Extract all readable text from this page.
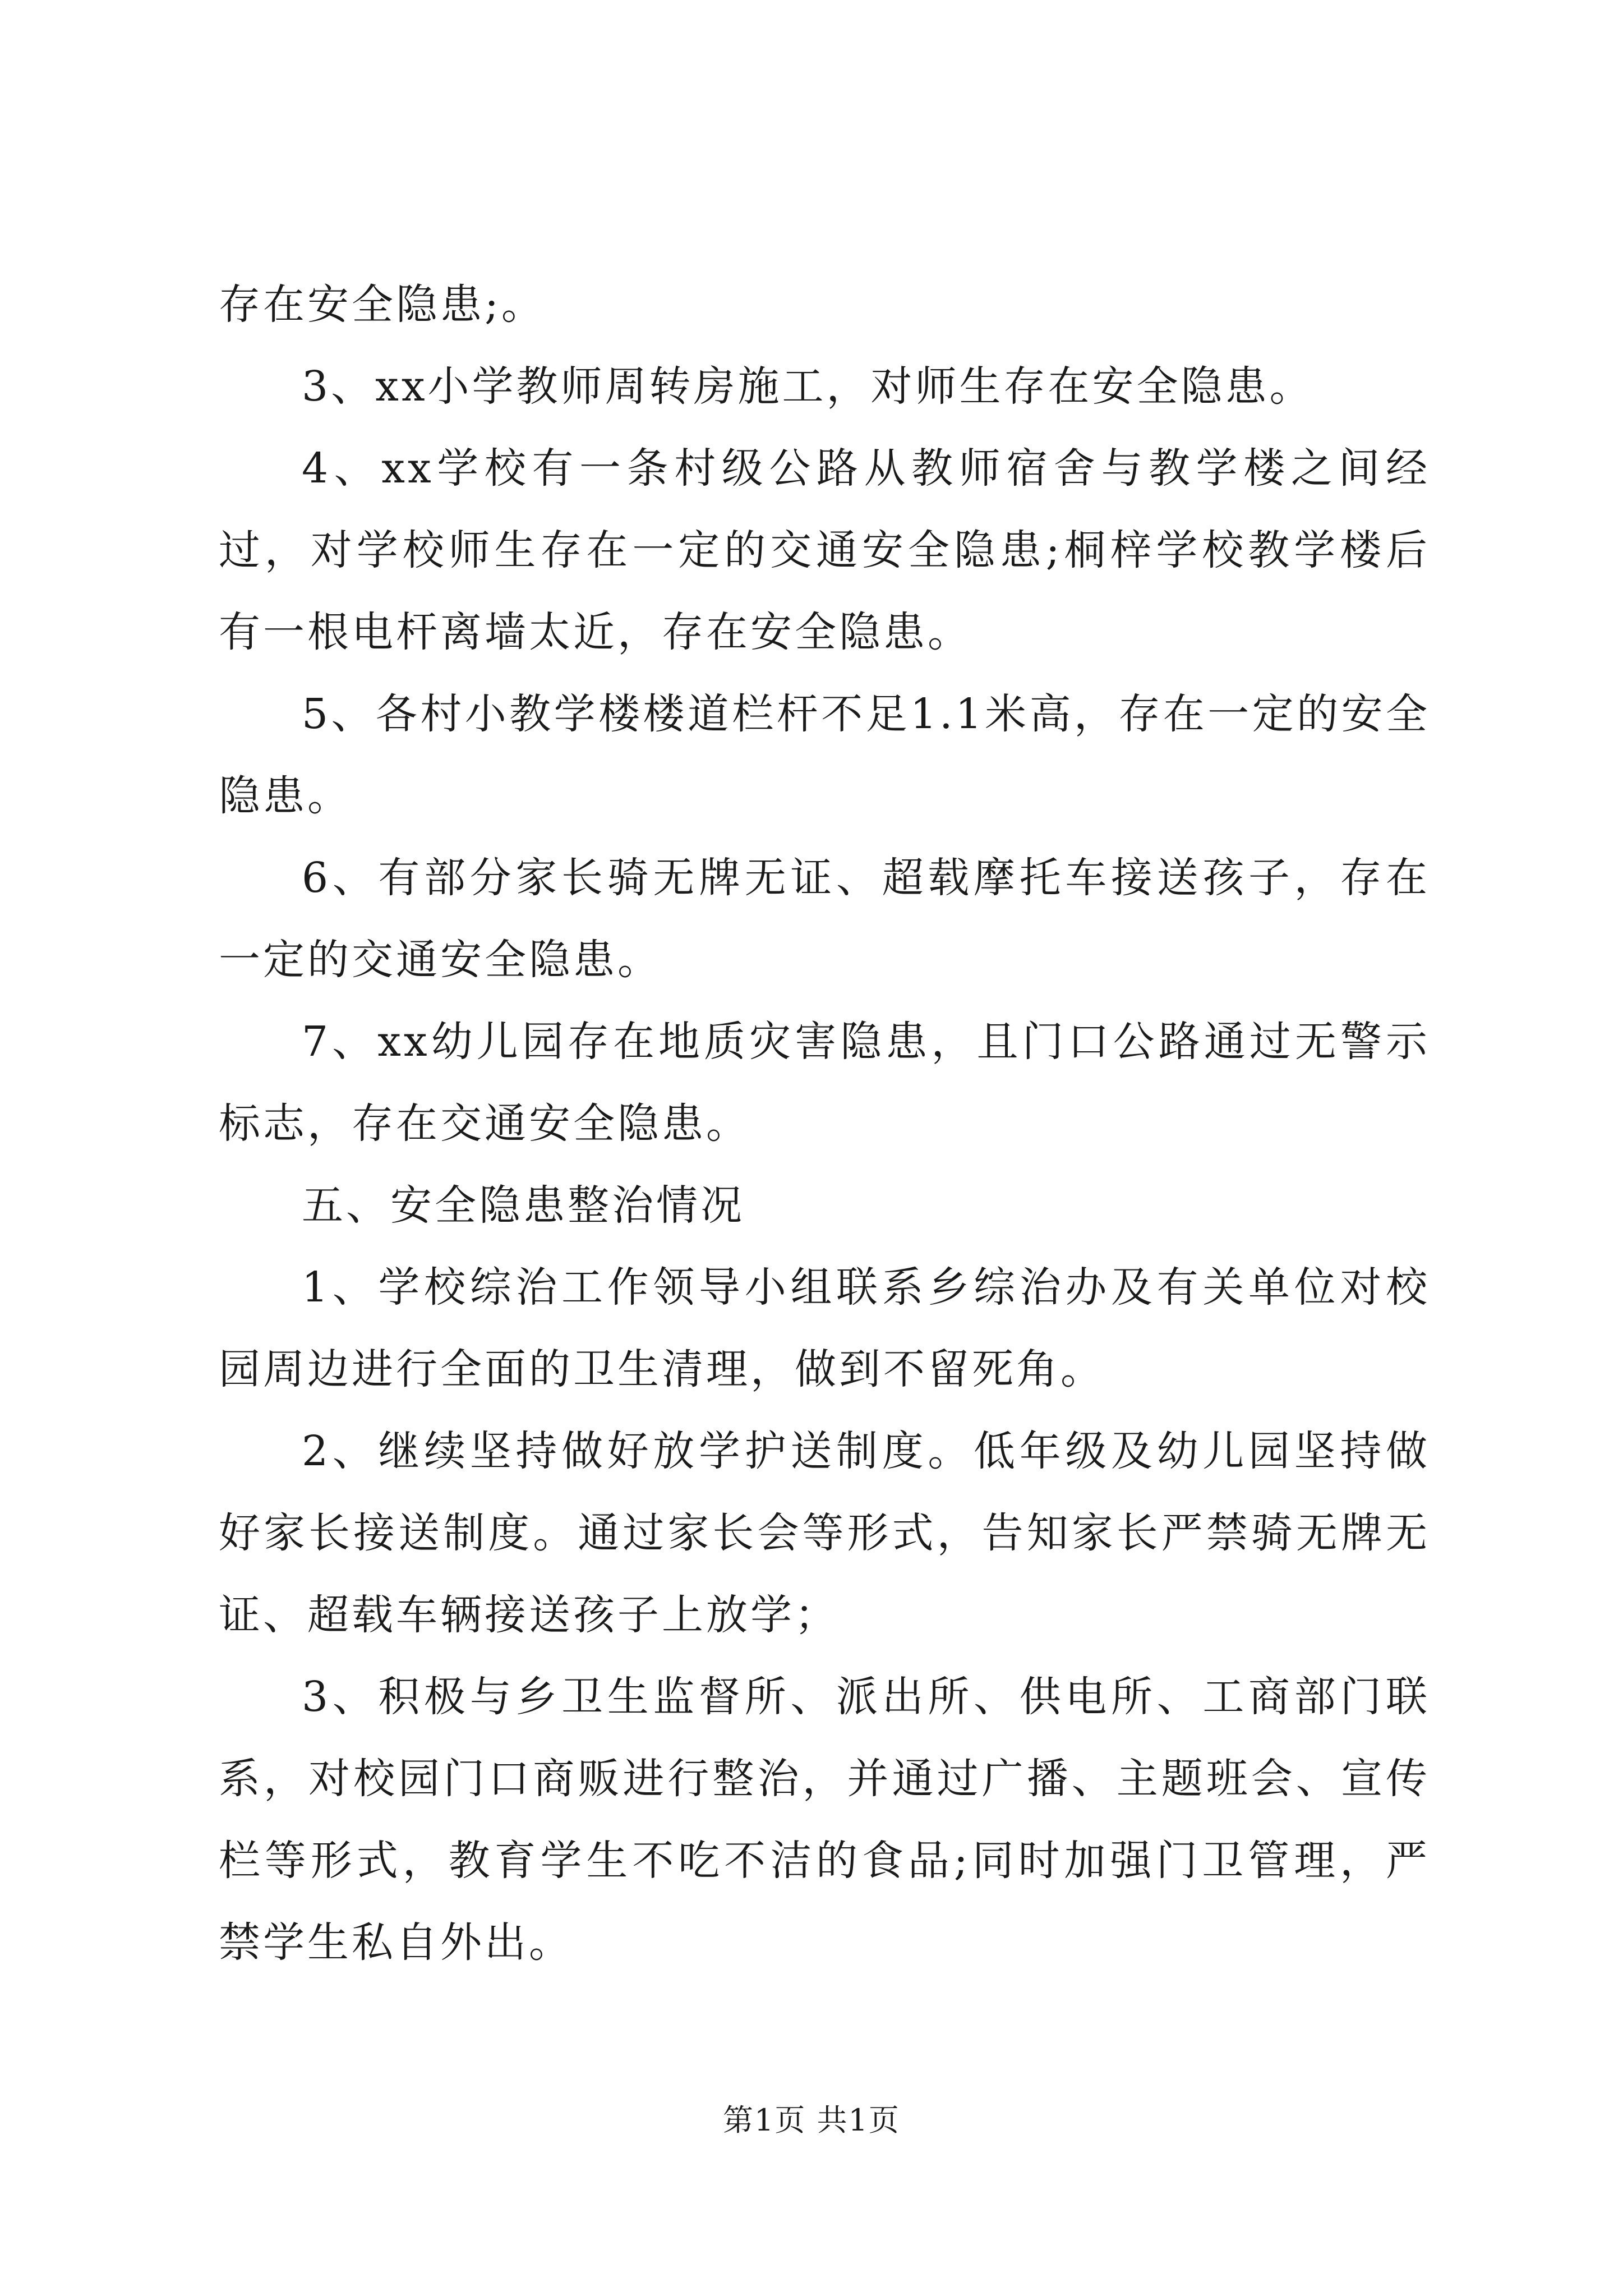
存在安全隐患;。

3、xx小学教师周转房施工，对师生存在安全隐患。

4、xx学校有一条村级公路从教师宿舍与教学楼之间经过，对学校师生存在一定的交通安全隐患;桐梓学校教学楼后有一根电杆离墙太近，存在安全隐患。

5、各村小教学楼楼道栏杆不足1.1米高，存在一定的安全隐患。

6、有部分家长骑无牌无证、超载摩托车接送孩子，存在一定的交通安全隐患。

7、xx幼儿园存在地质灾害隐患，且门口公路通过无警示标志，存在交通安全隐患。

五、安全隐患整治情况

1、学校综治工作领导小组联系乡综治办及有关单位对校园周边进行全面的卫生清理，做到不留死角。

2、继续坚持做好放学护送制度。低年级及幼儿园坚持做好家长接送制度。通过家长会等形式，告知家长严禁骑无牌无证、超载车辆接送孩子上放学；

3、积极与乡卫生监督所、派出所、供电所、工商部门联系，对校园门口商贩进行整治，并通过广播、主题班会、宣传栏等形式，教育学生不吃不洁的食品;同时加强门卫管理，严禁学生私自外出。

第1页 共1页
